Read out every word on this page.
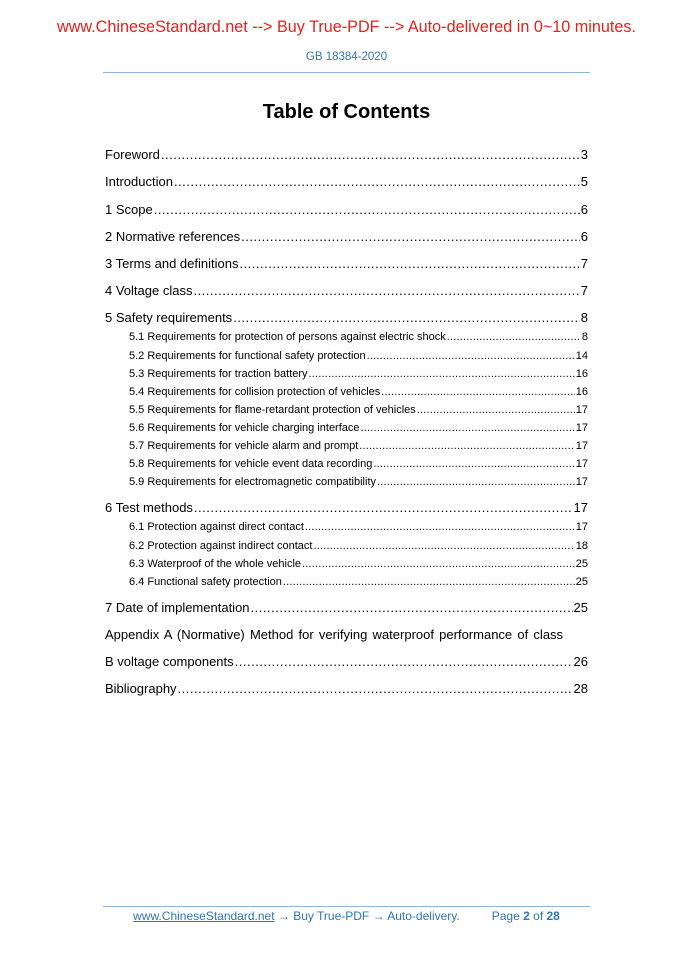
www.ChineseStandard.net --> Buy True-PDF --> Auto-delivered in 0~10 minutes.
GB 18384-2020
Table of Contents
Foreword .....	3
Introduction .....	5
1 Scope .....	6
2 Normative references .....	6
3 Terms and definitions .....	7
4 Voltage class .....	7
5 Safety requirements .....	8
5.1 Requirements for protection of persons against electric shock .....	8
5.2 Requirements for functional safety protection .....	14
5.3 Requirements for traction battery .....	16
5.4 Requirements for collision protection of vehicles .....	16
5.5 Requirements for flame-retardant protection of vehicles .....	17
5.6 Requirements for vehicle charging interface .....	17
5.7 Requirements for vehicle alarm and prompt .....	17
5.8 Requirements for vehicle event data recording .....	17
5.9 Requirements for electromagnetic compatibility .....	17
6 Test methods .....	17
6.1 Protection against direct contact .....	17
6.2 Protection against indirect contact .....	18
6.3 Waterproof of the whole vehicle .....	25
6.4 Functional safety protection .....	25
7 Date of implementation .....	25
Appendix A (Normative) Method for verifying waterproof performance of class
B voltage components .....	26
Bibliography .....	28
www.ChineseStandard.net
→ Buy True-PDF → Auto-delivery.	Page
2
of
28
